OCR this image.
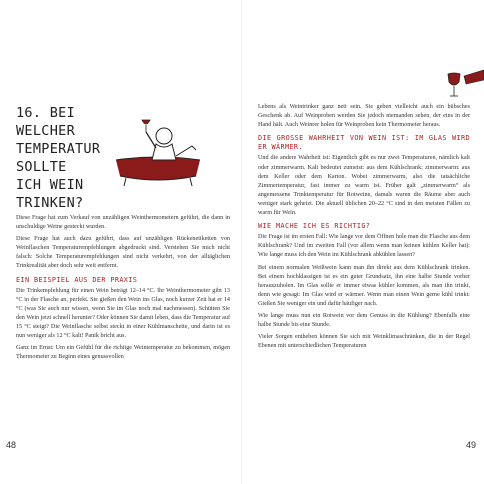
16. BEI
WELCHER
TEMPERATUR
SOLLTE
ICH WEIN
TRINKEN?

Diese Frage hat zum Verkauf von unzähligen Weinthermometern geführt, die dann in unschuldige Weine gesteckt wurden.

Diese Frage hat auch dazu geführt, dass auf unzähligen Rückenetiketten von Weinflaschen Temperaturempfehlungen abgedruckt sind. Verstehen Sie mich nicht falsch: Solche Temperaturempfehlungen sind nicht verkehrt, von der alltäglichen Trinkrealität aber doch sehr weit entfernt.

EIN BEISPIEL AUS DER PRAXIS

Die Trinkempfehlung für einen Wein beträgt 12–14 °C. Ihr Weinthermometer gibt 13 °C in der Flasche an, perfekt. Sie gießen den Wein ins Glas, noch kurzer Zeit hat er 14 °C (was Sie auch nur wissen, wenn Sie im Glas noch mal nachmessen). Schütten Sie den Wein jetzt schnell herunter? Oder können Sie damit leben, dass die Temperatur auf 15 °C steigt? Die Weinflasche selbst steckt in einer Kühlmanschette, und darin ist es nun weniger als 12 °C kalt! Panik bricht aus.

Ganz im Ernst: Um ein Gefühl für die richtige Weintemperatur zu bekommen, mögen Thermometer zu Beginn eines genussvollen

48

Lebens als Weintrinker ganz nett sein. Sie geben vielleicht auch ein hübsches Geschenk ab. Auf Weinproben werden Sie jedoch niemanden sehen, der eins in der Hand hält. Auch Weinrer holen für Weinproben kein Thermometer heraus.

DIE GROSSE WAHRHEIT VON WEIN IST: IM GLAS WIRD ER WÄRMER.

Und die andere Wahrheit ist: Eigentlich gibt es nur zwei Temperaturen, nämlich kalt oder zimmerwarm. Kalt bedeutet zumeist: aus dem Kühlschrank; zimmerwarm: aus dem Keller oder dem Karton. Wobei zimmerwarm, also die tatsächliche Zimmertemperatur, fast immer zu warm ist. Früher galt „zimmerwarm“ als angemessene Trinktemperatur für Rotweine, damals waren die Räume aber auch weniger stark geheizt. Die aktuell üblichen 20–22 °C sind in den meisten Fällen zu warm für Wein.

WIE MACHE ICH ES RICHTIG?

Die Frage ist im ersten Fall: Wie lange vor dem Öffnen hole man die Flasche aus dem Kühlschrank? Und im zweiten Fall (vor allem wenn man keinen kühlen Keller hat): Wie lange muss ich den Wein im Kühlschrank abkühlen lassen?

Bei einem normalen Weißwein kann man ihn direkt aus dem Kühlschrank trinken. Bei einem hochklassigen ist es ein guter Grundsatz, ihn eine halbe Stunde vorher herauszuholen. Im Glas sollte er immer etwas kühler kommen, als man ihn trinkt, denn wie gesagt: Im Glas wird er wärmer. Wenn man einen Wein gerne kühl trinkt: Gießen Sie weniger ein und dafür häufiger nach.

Wie lange muss nun ein Rotwein vor dem Genuss in die Kühlung? Ebenfalls eine halbe Stunde bis eine Stunde.

Vieler Sorgen entheben können Sie sich mit Weinklimaschränken, die in der Regel Ebenen mit unterschiedlichen Temperaturen

49
